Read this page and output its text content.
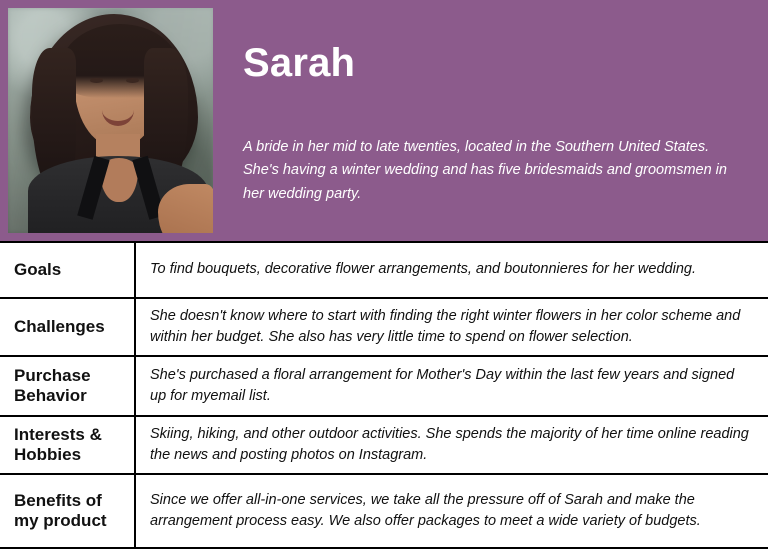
Sarah

A bride in her mid to late twenties, located in the Southern United States. She's having a winter wedding and has five bridesmaids and groomsmen in her wedding party.

Goals	To find bouquets, decorative flower arrangements, and boutonnieres for her wedding.
Challenges
She doesn't know where to start with finding the right winter flowers in her color scheme and within her budget. She also has very little time to spend on flower selection.
Purchase Behavior
She's purchased a floral arrangement for Mother's Day within the last few years and signed up for myemail list.
Interests & Hobbies
Skiing, hiking, and other outdoor activities. She spends the majority of her time online reading the news and posting photos on Instagram.
Benefits of my product
Since we offer all-in-one services, we take all the pressure off of Sarah and make the arrangement process easy. We also offer packages to meet a wide variety of budgets.
